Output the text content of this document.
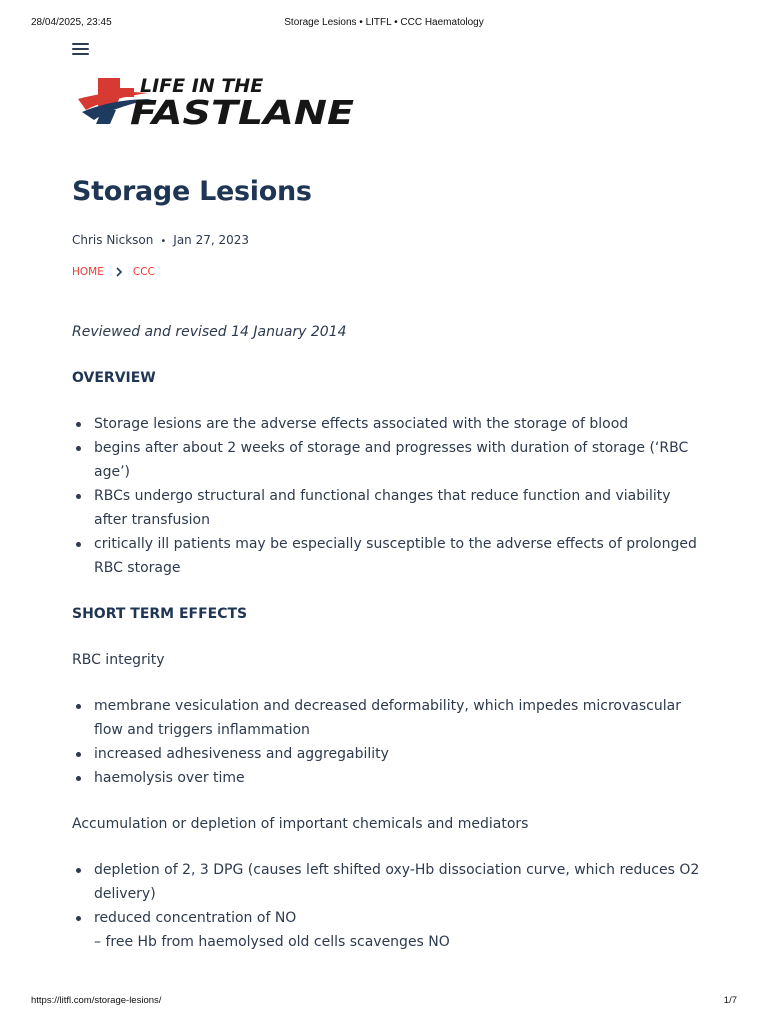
28/04/2025, 23:45	Storage Lesions • LITFL • CCC Haematology
LIFE IN THE
FASTLANE
Storage Lesions
Chris Nickson • Jan 27, 2023
HOME	CCC

Reviewed and revised 14 January 2014

OVERVIEW
Storage lesions are the adverse effects associated with the storage of blood
begins after about 2 weeks of storage and progresses with duration of storage (‘RBC age’)
RBCs undergo structural and functional changes that reduce function and viability after transfusion
critically ill patients may be especially susceptible to the adverse effects of prolonged RBC storage
SHORT TERM EFFECTS

RBC integrity

membrane vesiculation and decreased deformability, which impedes microvascular flow and triggers inflammation
increased adhesiveness and aggregability
haemolysis over time

Accumulation or depletion of important chemicals and mediators

depletion of 2, 3 DPG (causes left shifted oxy-Hb dissociation curve, which reduces O2 delivery)
reduced concentration of NO
– free Hb from haemolysed old cells scavenges NO
https://litfl.com/storage-lesions/	1/7
